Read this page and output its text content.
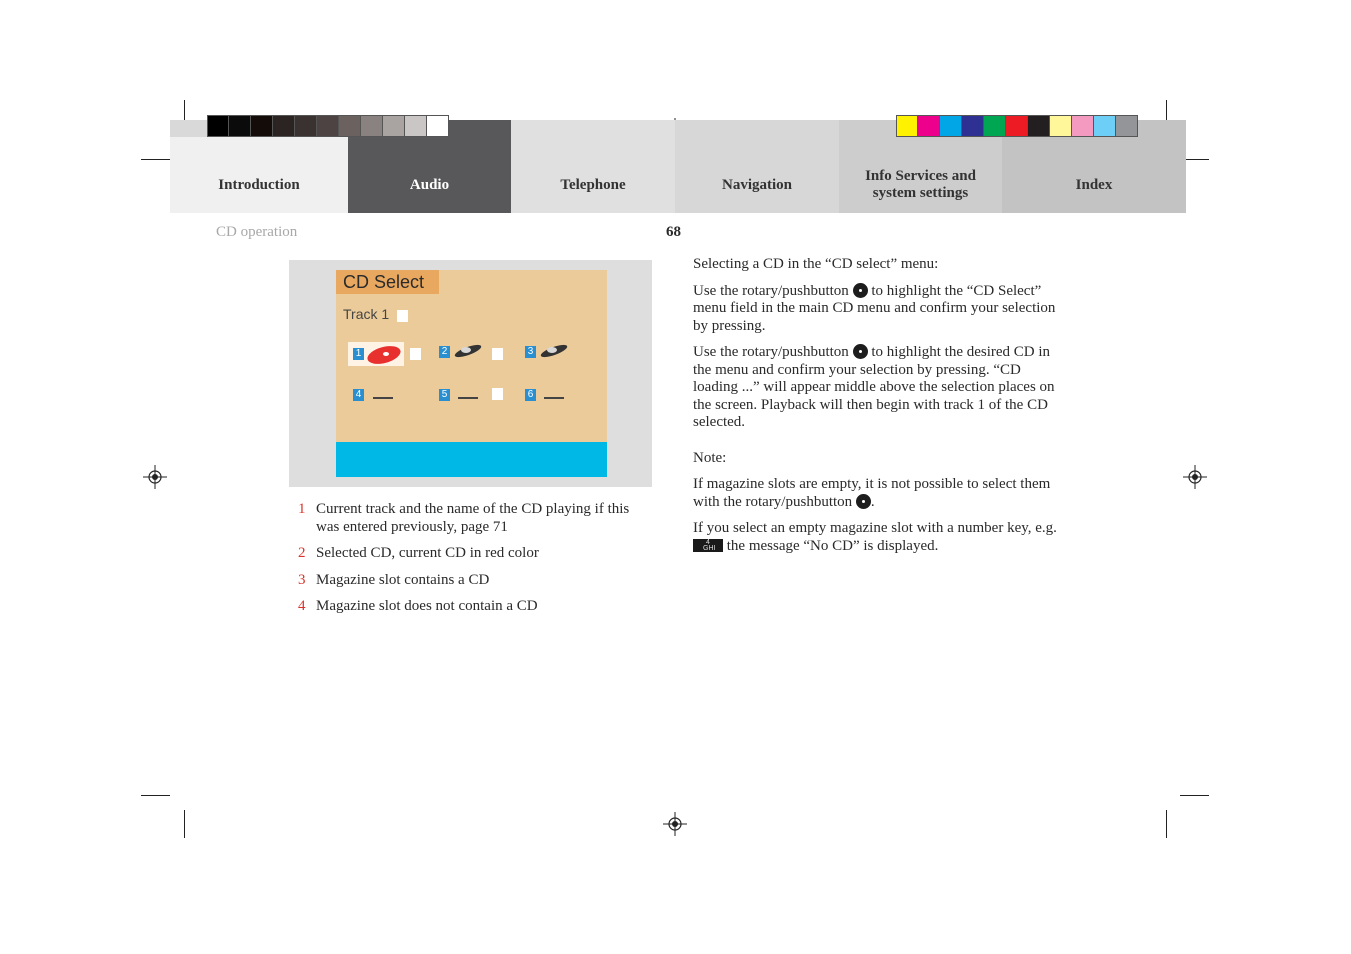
Introduction	Audio	Telephone	Navigation
Info Services and system settings	Index
CD operation	68
CD Select
Track 1
1	2	3
4	5	6
1 Current track and the name of the CD playing if this was entered previously, page 71
2 Selected CD, current CD in red color
3 Magazine slot contains a CD
4 Magazine slot does not contain a CD

Selecting a CD in the “CD select” menu:

Use the rotary/pushbutton  to highlight the “CD Select” menu field in the main CD menu and confirm your selection by pressing.

Use the rotary/pushbutton  to highlight the desired CD in the menu and confirm your selection by pressing. “CD loading ...” will appear middle above the selection places on the screen. Playback will then begin with track 1 of the CD selected.

Note:

If magazine slots are empty, it is not possible to select them with the rotary/pushbutton .

If you select an empty magazine slot with a number key, e.g.
4
GHI the message “No CD” is displayed.
